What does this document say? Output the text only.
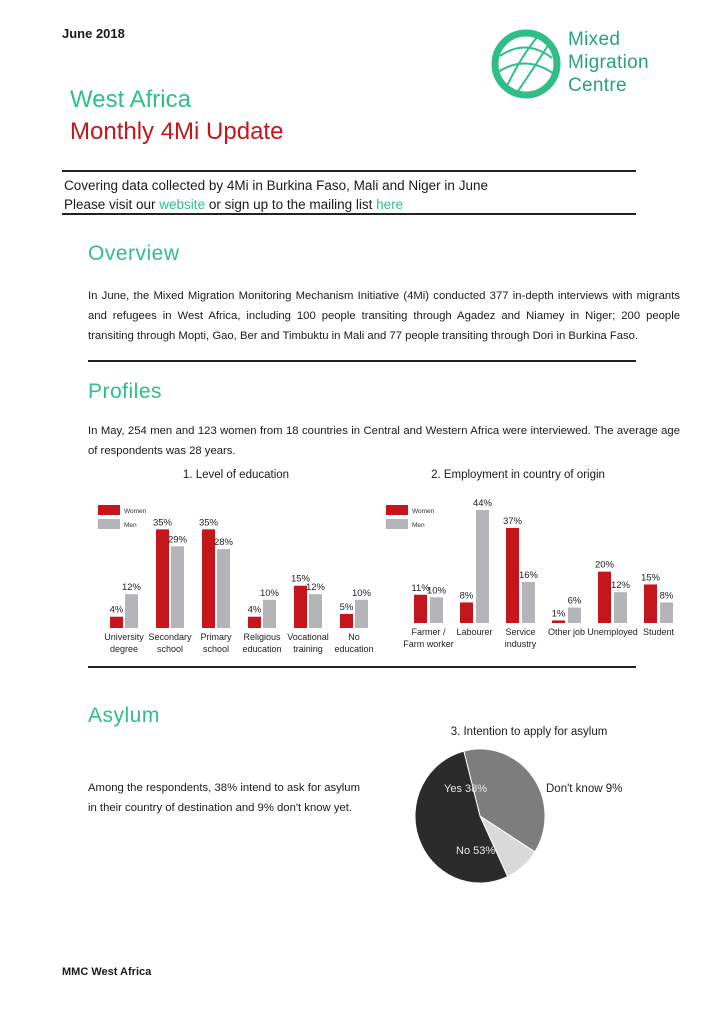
June 2018	Mixed
Migration
Centre
West Africa
Monthly 4Mi Update
Covering data collected by 4Mi in Burkina Faso, Mali and Niger in June
Please visit our website or sign up to the mailing list here
Overview
In June, the Mixed Migration Monitoring Mechanism Initiative (4Mi) conducted 377 in-depth interviews with migrants and refugees in West Africa, including 100 people transiting through Agadez and Niamey in Niger; 200 people transiting through Mopti, Gao, Ber and Timbuktu in Mali and 77 people transiting through Dori in Burkina Faso.
Profiles
In May, 254 men and 123 women from 18 countries in Central and Western Africa were interviewed. The average age of respondents was 28 years.
1. Level of education	2. Employment in country of origin
Women
Men
4%
12%
University
degree
35%
29%
Secondary
school
35%
28%
Primary
school
4%
10%
Religious
education
15%
12%
Vocational
training
5%
10%
No
education
Women
Men
11%
10%
Farmer /
Farm worker
8%
44%
Labourer
37%
16%
Service
industry
1%
6%
Other job
20%
12%
Unemployed
15%
8%
Student
Asylum
Among the respondents, 38% intend to ask for asylum in their country of destination and 9% don't know yet.
3. Intention to apply for asylum
Yes 38%
No 53%
Don't know 9%
MMC West Africa
